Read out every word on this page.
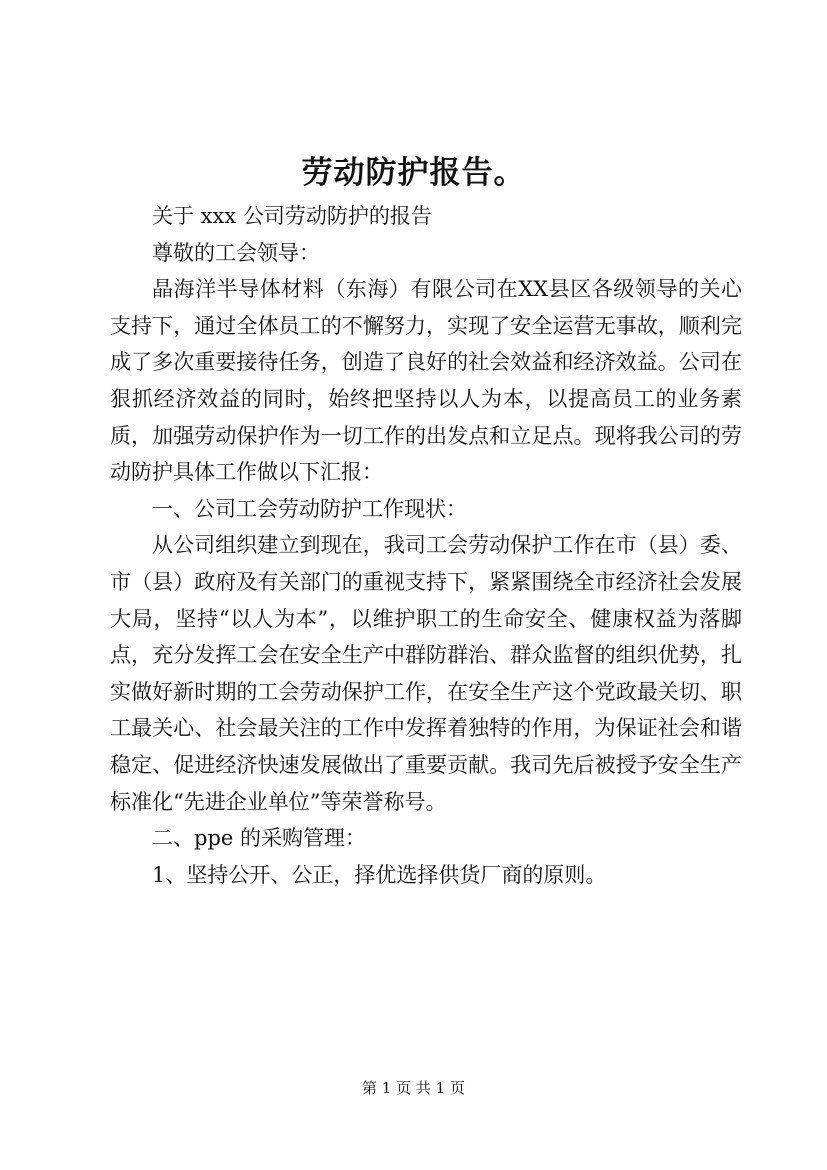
劳动防护报告。

关于 xxx 公司劳动防护的报告

尊敬的工会领导：

晶海洋半导体材料（东海）有限公司在XX县区各级领导的关心支持下，通过全体员工的不懈努力，实现了安全运营无事故，顺利完成了多次重要接待任务，创造了良好的社会效益和经济效益。公司在狠抓经济效益的同时，始终把坚持以人为本，以提高员工的业务素质，加强劳动保护作为一切工作的出发点和立足点。现将我公司的劳动防护具体工作做以下汇报：

一、公司工会劳动防护工作现状：

从公司组织建立到现在，我司工会劳动保护工作在市（县）委、市（县）政府及有关部门的重视支持下，紧紧围绕全市经济社会发展大局，坚持“以人为本”，以维护职工的生命安全、健康权益为落脚点，充分发挥工会在安全生产中群防群治、群众监督的组织优势，扎实做好新时期的工会劳动保护工作，在安全生产这个党政最关切、职工最关心、社会最关注的工作中发挥着独特的作用，为保证社会和谐稳定、促进经济快速发展做出了重要贡献。我司先后被授予安全生产标准化“先进企业单位”等荣誉称号。

二、ppe 的采购管理：

1、坚持公开、公正，择优选择供货厂商的原则。

第 1 页 共 1 页
